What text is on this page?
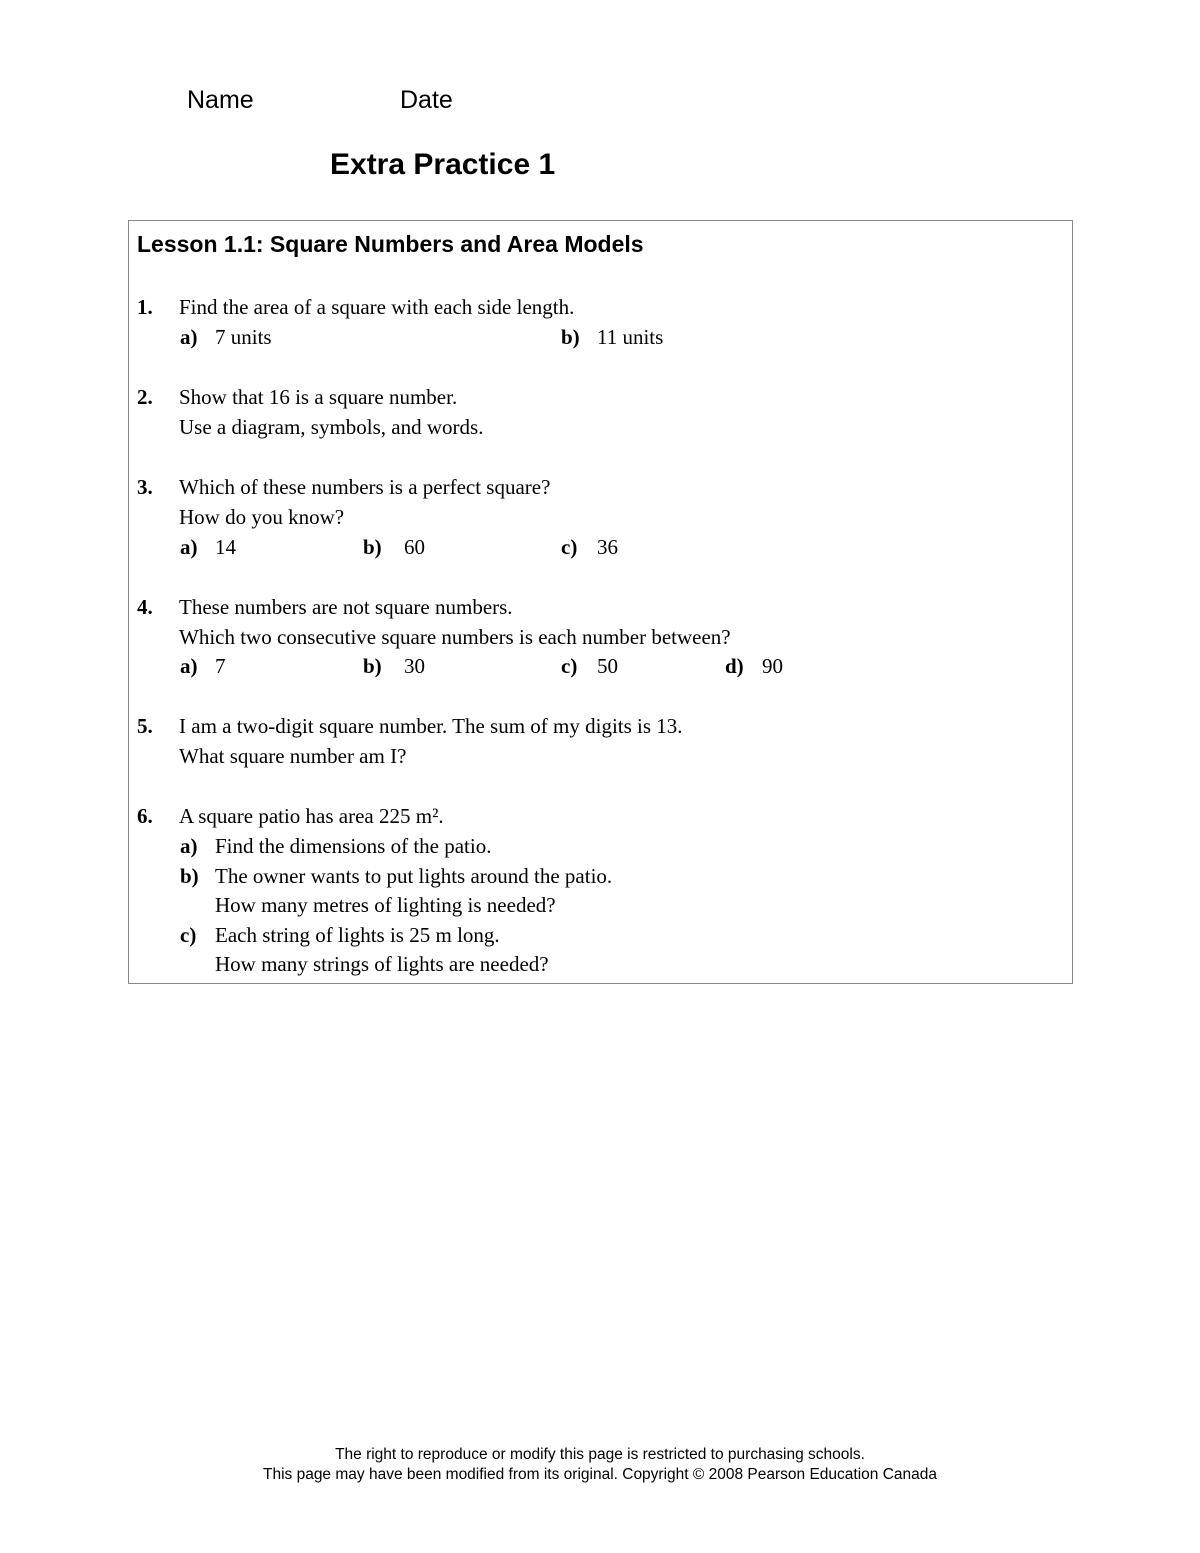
Name	Date
Extra Practice 1
Lesson 1.1: Square Numbers and Area Models
1. Find the area of a square with each side length.
a) 7 units	b) 11 units
2. Show that 16 is a square number.
Use a diagram, symbols, and words.
3. Which of these numbers is a perfect square?
How do you know?
a) 14	b) 60	c) 36
4. These numbers are not square numbers.
Which two consecutive square numbers is each number between?
a) 7	b) 30	c) 50	d) 90
5. I am a two-digit square number. The sum of my digits is 13.
What square number am I?
6. A square patio has area 225 m².
a) Find the dimensions of the patio.
b) The owner wants to put lights around the patio.
How many metres of lighting is needed?
c) Each string of lights is 25 m long.
How many strings of lights are needed?
The right to reproduce or modify this page is restricted to purchasing schools.
This page may have been modified from its original. Copyright © 2008 Pearson Education Canada
